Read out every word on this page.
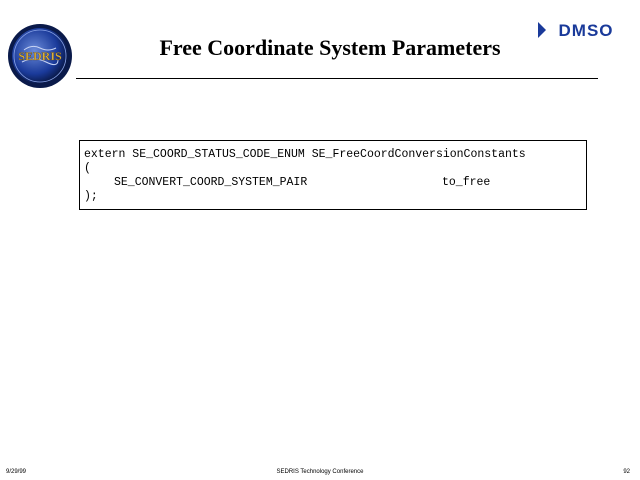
SEDRIS	Free Coordinate System Parameters
DMSO
extern SE_COORD_STATUS_CODE_ENUM SE_FreeCoordConversionConstants
(
SE_CONVERT_COORD_SYSTEM_PAIR	to_free
);
9/29/99	SEDRIS Technology Conference	92
